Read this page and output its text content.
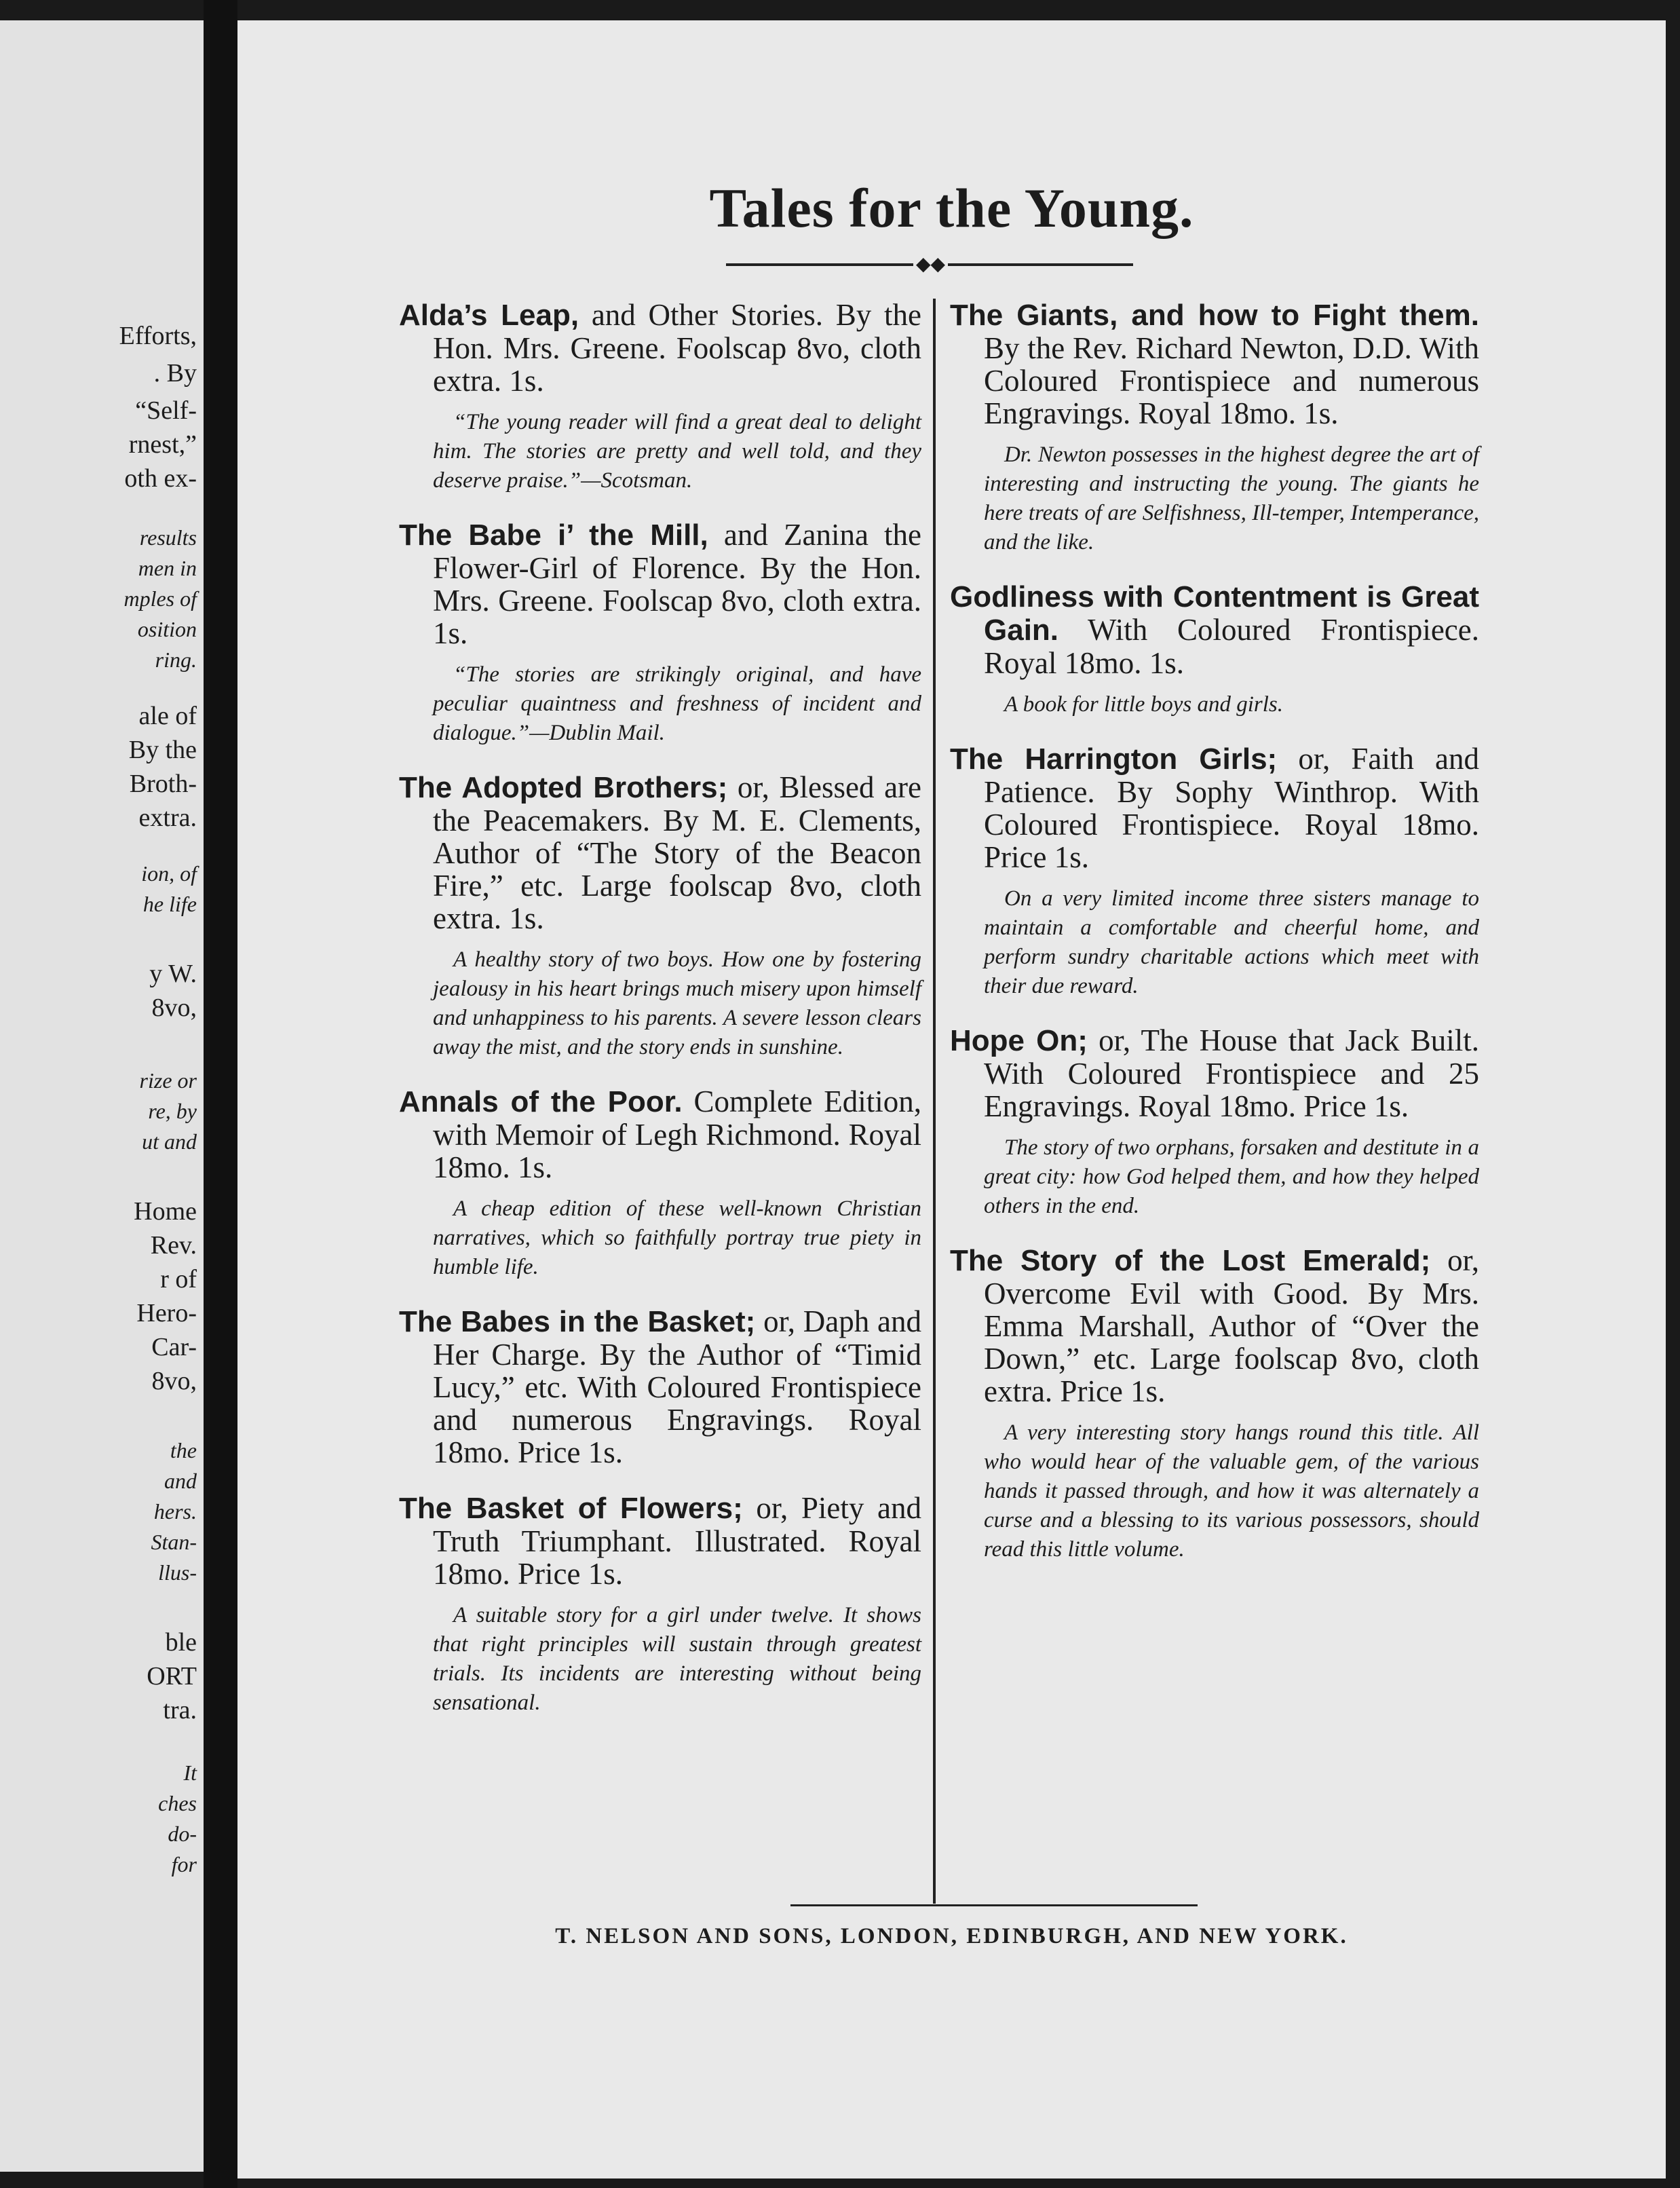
Efforts,
. By
“Self-
rnest,”
oth ex-
results
men in
mples of
osition
ring.
ale of
By the
Broth-
extra.
ion, of
he life
y W.
8vo,
rize or
re, by
ut and
Home
Rev.
r of
Hero-
Car-
8vo,
the
and
hers.
Stan-
llus-
ble
ORT
tra.
It
ches
do-
for
Tales for the Young.
◆◆

Alda’s Leap, and Other Stories. By the Hon. Mrs. Greene. Foolscap 8vo, cloth extra. 1s.

“The young reader will find a great deal to delight him. The stories are pretty and well told, and they deserve praise.”—Scotsman.

The Babe i’ the Mill, and Zanina the Flower-Girl of Florence. By the Hon. Mrs. Greene. Foolscap 8vo, cloth extra. 1s.

“The stories are strikingly original, and have peculiar quaintness and freshness of incident and dialogue.”—Dublin Mail.

The Adopted Brothers; or, Blessed are the Peacemakers. By M. E. Clements, Author of “The Story of the Beacon Fire,” etc. Large foolscap 8vo, cloth extra. 1s.

A healthy story of two boys. How one by fostering jealousy in his heart brings much misery upon himself and unhappiness to his parents. A severe lesson clears away the mist, and the story ends in sunshine.

Annals of the Poor. Complete Edition, with Memoir of Legh Richmond. Royal 18mo. 1s.

A cheap edition of these well-known Christian narratives, which so faithfully portray true piety in humble life.

The Babes in the Basket; or, Daph and Her Charge. By the Author of “Timid Lucy,” etc. With Coloured Frontispiece and numerous Engravings. Royal 18mo. Price 1s.

The Basket of Flowers; or, Piety and Truth Triumphant. Illustrated. Royal 18mo. Price 1s.

A suitable story for a girl under twelve. It shows that right principles will sustain through greatest trials. Its incidents are interesting without being sensational.

The Giants, and how to Fight them. By the Rev. Richard Newton, D.D. With Coloured Frontispiece and numerous Engravings. Royal 18mo. 1s.

Dr. Newton possesses in the highest degree the art of interesting and instructing the young. The giants he here treats of are Selfishness, Ill-temper, Intemperance, and the like.

Godliness with Contentment is Great Gain. With Coloured Frontispiece. Royal 18mo. 1s.

A book for little boys and girls.

The Harrington Girls; or, Faith and Patience. By Sophy Winthrop. With Coloured Frontispiece. Royal 18mo. Price 1s.

On a very limited income three sisters manage to maintain a comfortable and cheerful home, and perform sundry charitable actions which meet with their due reward.

Hope On; or, The House that Jack Built. With Coloured Frontispiece and 25 Engravings. Royal 18mo. Price 1s.

The story of two orphans, forsaken and destitute in a great city: how God helped them, and how they helped others in the end.

The Story of the Lost Emerald; or, Overcome Evil with Good. By Mrs. Emma Marshall, Author of “Over the Down,” etc. Large foolscap 8vo, cloth extra. Price 1s.

A very interesting story hangs round this title. All who would hear of the valuable gem, of the various hands it passed through, and how it was alternately a curse and a blessing to its various possessors, should read this little volume.

T. NELSON AND SONS, LONDON, EDINBURGH, AND NEW YORK.
